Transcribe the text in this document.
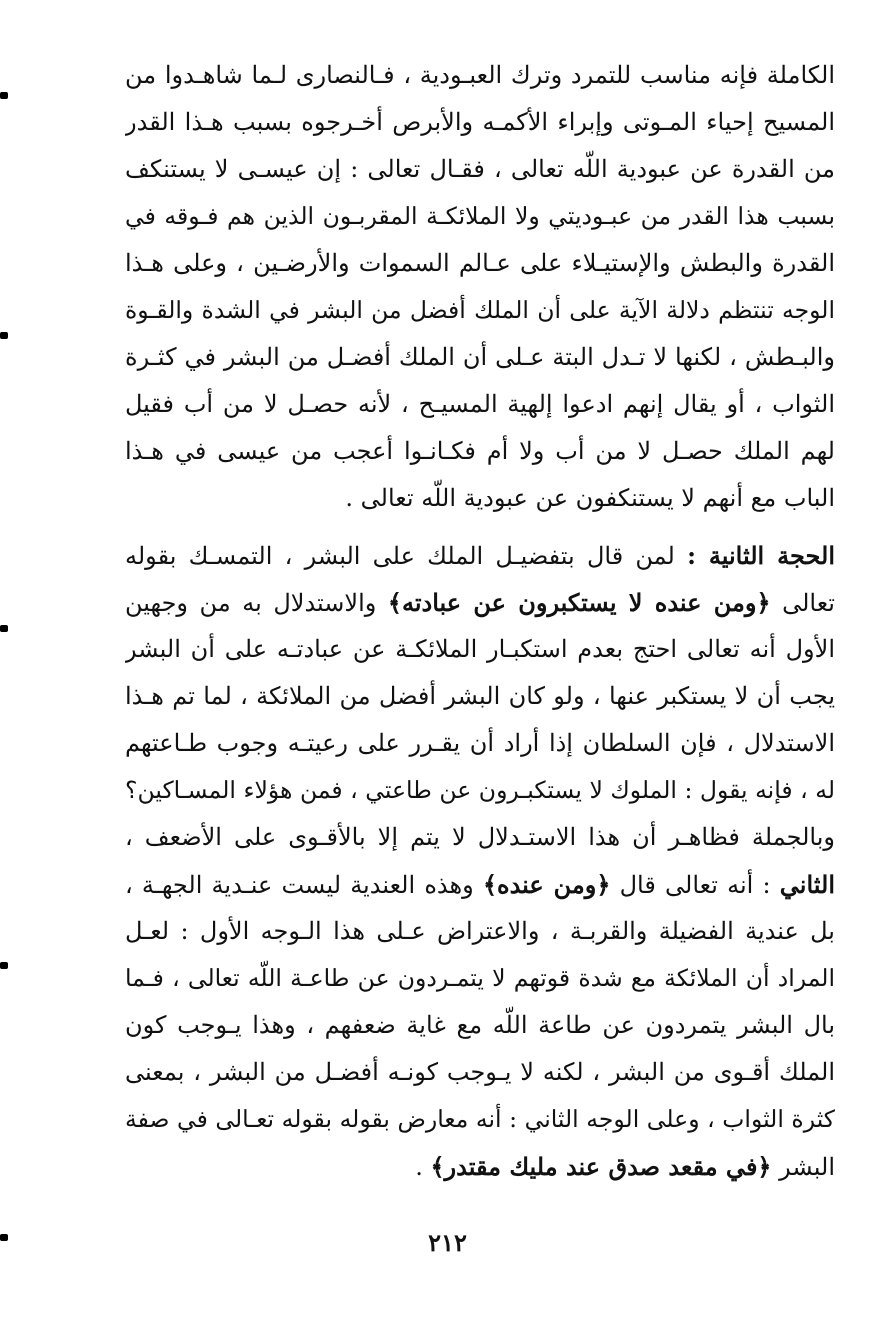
الكاملة فإنه مناسب للتمرد وترك العبـودية ، فـالنصارى لـما شاهـدوا من
المسيح إحياء المـوتى وإبراء الأكمـه والأبرص أخـرجوه بسبب هـذا القدر
من القدرة عن عبودية اللّه تعالى ، فقـال تعالى : إن عيسـى لا يستنكف
بسبب هذا القدر من عبـوديتي ولا الملائكـة المقربـون الذين هم فـوقه في
القدرة والبطش والإستيـلاء على عـالم السموات والأرضـين ، وعلى هـذا
الوجه تنتظم دلالة الآية على أن الملك أفضل من البشر في الشدة والقـوة
والبـطش ، لكنها لا تـدل البتة عـلى أن الملك أفضـل من البشر في كثـرة
الثواب ، أو يقال إنهم ادعوا إلهية المسيـح ، لأنه حصـل لا من أب فقيل
لهم الملك حصـل لا من أب ولا أم فكـانـوا أعجب من عيسى في هـذا
الباب مع أنهم لا يستنكفون عن عبودية اللّه تعالى .
الحجة الثانية : لمن قال بتفضيـل الملك على البشر ، التمسـك بقوله
تعالى ﴿ومن عنده لا يستكبرون عن عبادته﴾ والاستدلال به من وجهين
الأول أنه تعالى احتج بعدم استكبـار الملائكـة عن عبادتـه على أن البشر
يجب أن لا يستكبر عنها ، ولو كان البشر أفضل من الملائكة ، لما تم هـذا
الاستدلال ، فإن السلطان إذا أراد أن يقـرر على رعيتـه وجوب طـاعتهم
له ، فإنه يقول : الملوك لا يستكبـرون عن طاعتي ، فمن هؤلاء المسـاكين؟
وبالجملة فظاهـر أن هذا الاستـدلال لا يتم إلا بالأقـوى على الأضعف ،
الثاني : أنه تعالى قال ﴿ومن عنده﴾ وهذه العندية ليست عنـدية الجهـة ،
بل عندية الفضيلة والقربـة ، والاعتراض عـلى هذا الـوجه الأول : لعـل
المراد أن الملائكة مع شدة قوتهم لا يتمـردون عن طاعـة اللّه تعالى ، فـما
بال البشر يتمردون عن طاعة اللّه مع غاية ضعفهم ، وهذا يـوجب كون
الملك أقـوى من البشر ، لكنه لا يـوجب كونـه أفضـل من البشر ، بمعنى
كثرة الثواب ، وعلى الوجه الثاني : أنه معارض بقوله بقوله تعـالى في صفة
البشر ﴿في مقعد صدق عند مليك مقتدر﴾ .
٢١٢
